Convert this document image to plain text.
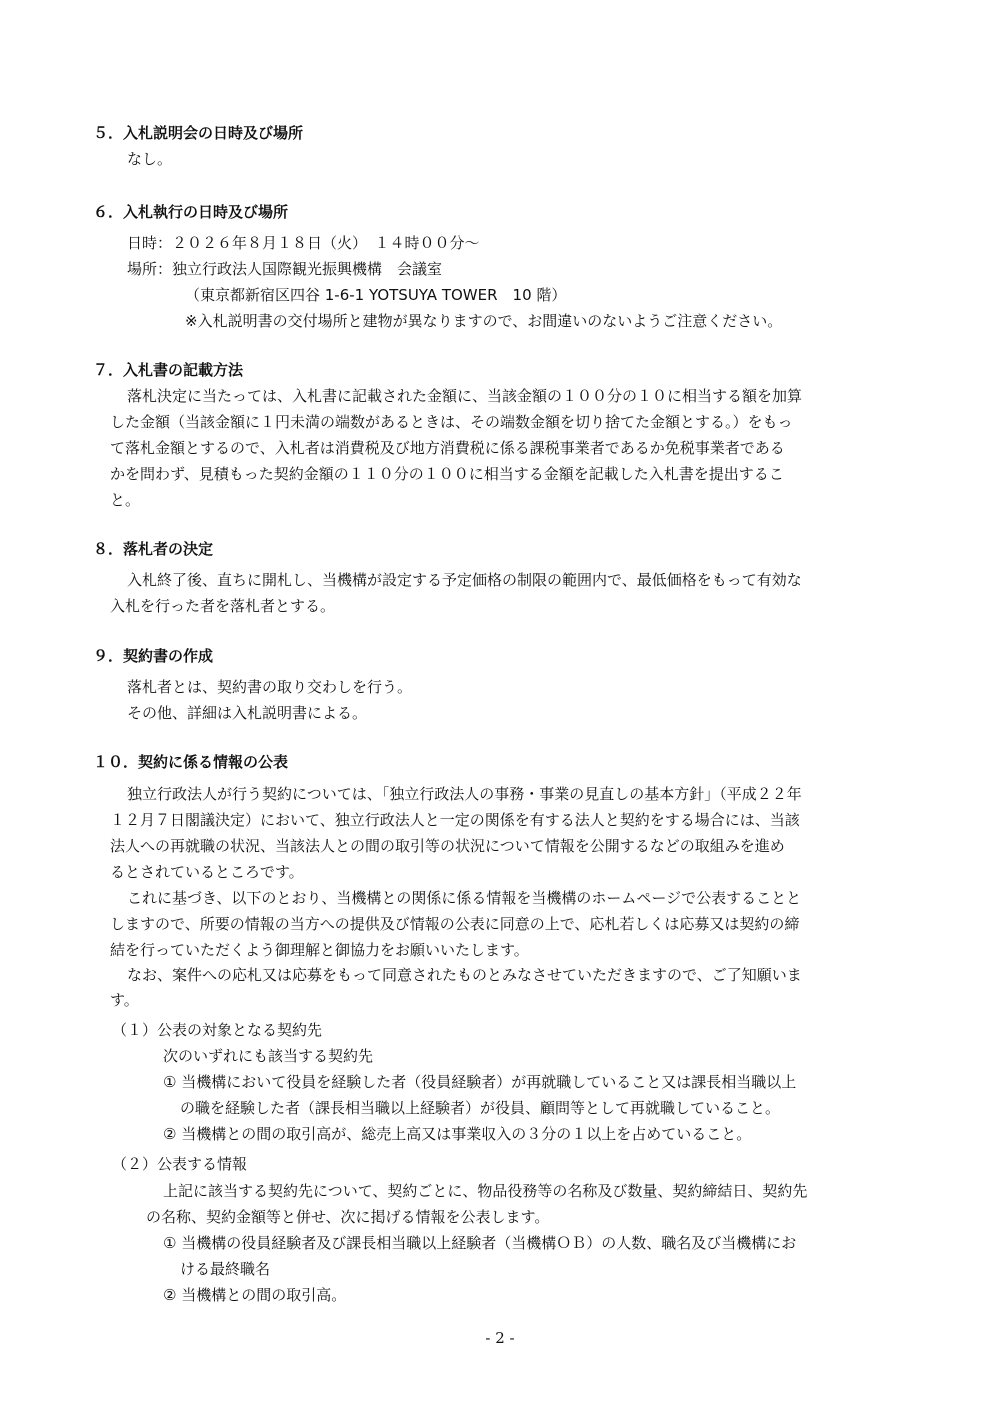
５．入札説明会の日時及び場所
なし。
６．入札執行の日時及び場所
日時：２０２６年８月１８日（火）　１４時００分～
場所：独立行政法人国際観光振興機構　会議室
（東京都新宿区四谷 1-6-1 YOTSUYA TOWER　10 階）
※入札説明書の交付場所と建物が異なりますので、お間違いのないようご注意ください。
７．入札書の記載方法
落札決定に当たっては、入札書に記載された金額に、当該金額の１００分の１０に相当する額を加算
した金額（当該金額に１円未満の端数があるときは、その端数金額を切り捨てた金額とする。）をもっ
て落札金額とするので、入札者は消費税及び地方消費税に係る課税事業者であるか免税事業者である
かを問わず、見積もった契約金額の１１０分の１００に相当する金額を記載した入札書を提出するこ
と。
８．落札者の決定
入札終了後、直ちに開札し、当機構が設定する予定価格の制限の範囲内で、最低価格をもって有効な
入札を行った者を落札者とする。
９．契約書の作成
落札者とは、契約書の取り交わしを行う。
その他、詳細は入札説明書による。
１０．契約に係る情報の公表
独立行政法人が行う契約については、「独立行政法人の事務・事業の見直しの基本方針」（平成２２年
１２月７日閣議決定）において、独立行政法人と一定の関係を有する法人と契約をする場合には、当該
法人への再就職の状況、当該法人との間の取引等の状況について情報を公開するなどの取組みを進め
るとされているところです。
これに基づき、以下のとおり、当機構との関係に係る情報を当機構のホームページで公表することと
しますので、所要の情報の当方への提供及び情報の公表に同意の上で、応札若しくは応募又は契約の締
結を行っていただくよう御理解と御協力をお願いいたします。
なお、案件への応札又は応募をもって同意されたものとみなさせていただきますので、ご了知願いま
す。
（１）公表の対象となる契約先
次のいずれにも該当する契約先
① 当機構において役員を経験した者（役員経験者）が再就職していること又は課長相当職以上
の職を経験した者（課長相当職以上経験者）が役員、顧問等として再就職していること。
② 当機構との間の取引高が、総売上高又は事業収入の３分の１以上を占めていること。
（２）公表する情報
上記に該当する契約先について、契約ごとに、物品役務等の名称及び数量、契約締結日、契約先
の名称、契約金額等と併せ、次に掲げる情報を公表します。
① 当機構の役員経験者及び課長相当職以上経験者（当機構ＯＢ）の人数、職名及び当機構にお
ける最終職名
② 当機構との間の取引高。
- 2 -
